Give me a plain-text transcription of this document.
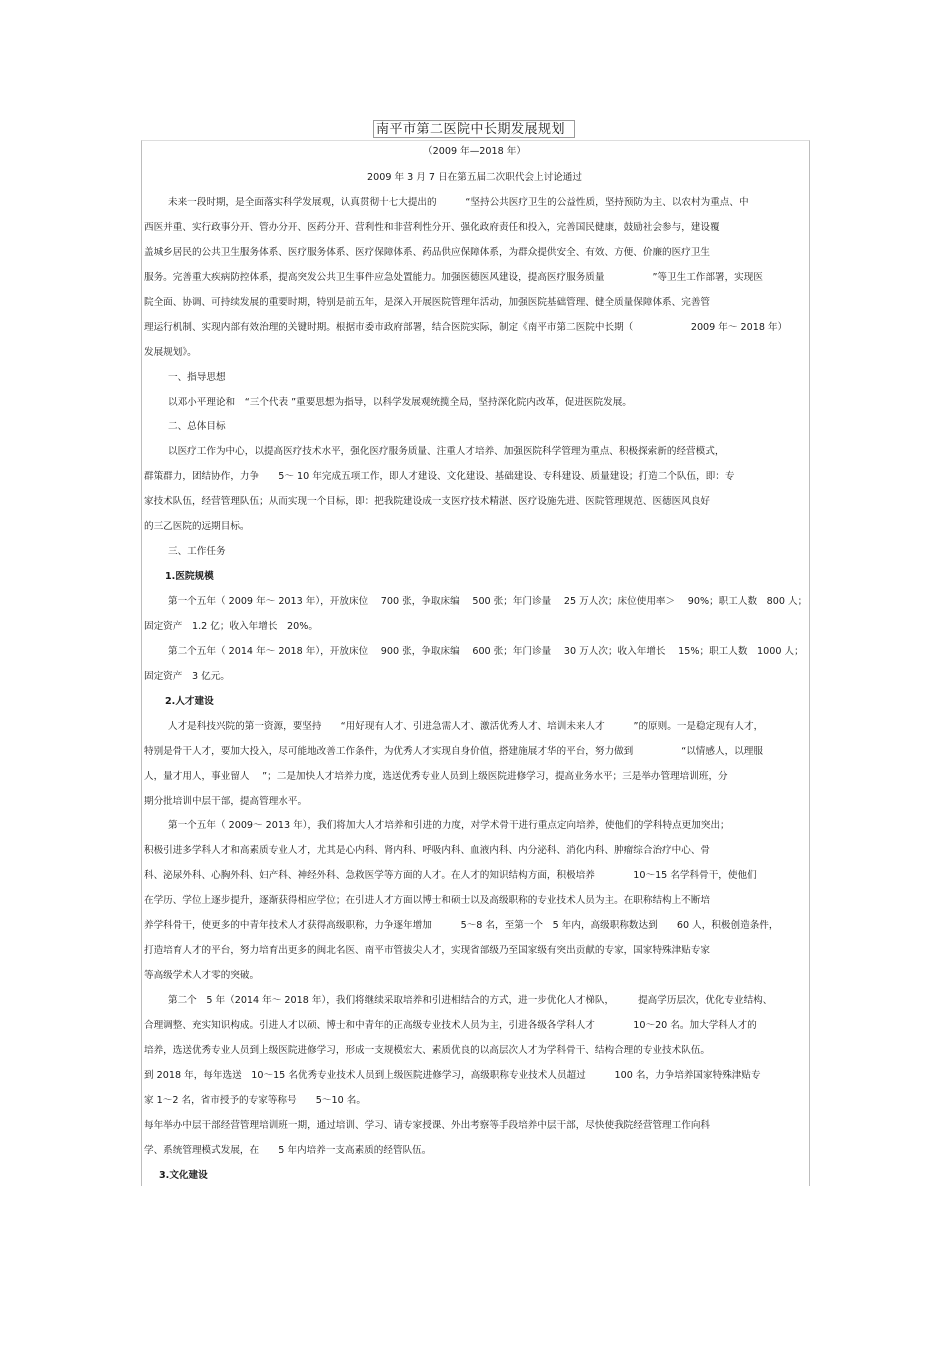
南平市第二医院中长期发展规划
（2009 年—2018 年）
2009 年 3 月 7 日在第五届二次职代会上讨论通过
未来一段时期，是全面落实科学发展观，认真贯彻十七大提出的　　　“坚持公共医疗卫生的公益性质，坚持预防为主、以农村为重点、中
西医并重、实行政事分开、管办分开、医药分开、营利性和非营利性分开、强化政府责任和投入，完善国民健康，鼓励社会参与，建设覆
盖城乡居民的公共卫生服务体系、医疗服务体系、医疗保障体系、药品供应保障体系，为群众提供安全、有效、方便、价廉的医疗卫生
服务。完善重大疾病防控体系，提高突发公共卫生事件应急处置能力。加强医德医风建设，提高医疗服务质量　　　　　”等卫生工作部署，实现医
院全面、协调、可持续发展的重要时期，特别是前五年，是深入开展医院管理年活动，加强医院基础管理、健全质量保障体系、完善管
理运行机制、实现内部有效治理的关键时期。根据市委市政府部署，结合医院实际，制定《南平市第二医院中长期（　　　　　　2009 年～ 2018 年）
发展规划》。
一、指导思想
以邓小平理论和　“三个代表 ”重要思想为指导，以科学发展观统揽全局，坚持深化院内改革，促进医院发展。
二、总体目标
以医疗工作为中心，以提高医疗技术水平，强化医疗服务质量、注重人才培养、加强医院科学管理为重点、积极探索新的经营模式，
群策群力，团结协作，力争　　5～ 10 年完成五项工作，即人才建设、文化建设、基础建设、专科建设、质量建设；打造二个队伍，即：专
家技术队伍，经营管理队伍；从而实现一个目标，即：把我院建设成一支医疗技术精湛、医疗设施先进、医院管理规范、医德医风良好
的三乙医院的远期目标。
三、工作任务
1.医院规模
第一个五年（ 2009 年～ 2013 年），开放床位　 700 张，争取床编　 500 张；年门诊量　 25 万人次；床位使用率＞　 90%；职工人数　800 人；
固定资产　1.2 亿；收入年增长　20%。
第二个五年（ 2014 年～ 2018 年），开放床位　 900 张，争取床编　 600 张；年门诊量　 30 万人次；收入年增长　 15%；职工人数　1000 人；
固定资产　3 亿元。
2.人才建设
人才是科技兴院的第一资源，要坚持　　“用好现有人才、引进急需人才、激活优秀人才、培训未来人才　　　”的原则。一是稳定现有人才，
特别是骨干人才，要加大投入，尽可能地改善工作条件，为优秀人才实现自身价值，搭建施展才华的平台，努力做到　　　　　“以情感人，以理服
人，量才用人，事业留人　 ”；二是加快人才培养力度，选送优秀专业人员到上级医院进修学习，提高业务水平；三是举办管理培训班，分
期分批培训中层干部，提高管理水平。
第一个五年（ 2009～ 2013 年），我们将加大人才培养和引进的力度，对学术骨干进行重点定向培养，使他们的学科特点更加突出；
积极引进多学科人才和高素质专业人才，尤其是心内科、肾内科、呼吸内科、血液内科、内分泌科、消化内科、肿瘤综合治疗中心、骨
科、泌尿外科、心胸外科、妇产科、神经外科、急救医学等方面的人才。在人才的知识结构方面，积极培养　　　　10～15 名学科骨干，使他们
在学历、学位上逐步提升，逐渐获得相应学位；在引进人才方面以博士和硕士以及高级职称的专业技术人员为主。在职称结构上不断培
养学科骨干，使更多的中青年技术人才获得高级职称，力争逐年增加　　　5～8 名，至第一个　5 年内，高级职称数达到　　60 人，积极创造条件，
打造培育人才的平台，努力培育出更多的闽北名医、南平市管拔尖人才，实现省部级乃至国家级有突出贡献的专家，国家特殊津贴专家
等高级学术人才零的突破。
第二个　5 年（2014 年～ 2018 年），我们将继续采取培养和引进相结合的方式，进一步优化人才梯队，　　　提高学历层次，优化专业结构、
合理调整、充实知识构成。引进人才以硕、博士和中青年的正高级专业技术人员为主，引进各级各学科人才　　　　10～20 名。加大学科人才的
培养，选送优秀专业人员到上级医院进修学习，形成一支规模宏大、素质优良的以高层次人才为学科骨干、结构合理的专业技术队伍。
到 2018 年，每年选送　10～15 名优秀专业技术人员到上级医院进修学习，高级职称专业技术人员超过　　　100 名，力争培养国家特殊津贴专
家 1～2 名，省市授予的专家等称号　　5～10 名。
每年举办中层干部经营管理培训班一期，通过培训、学习、请专家授课、外出考察等手段培养中层干部，尽快使我院经营管理工作向科
学、系统管理模式发展，在　　5 年内培养一支高素质的经管队伍。
3.文化建设
